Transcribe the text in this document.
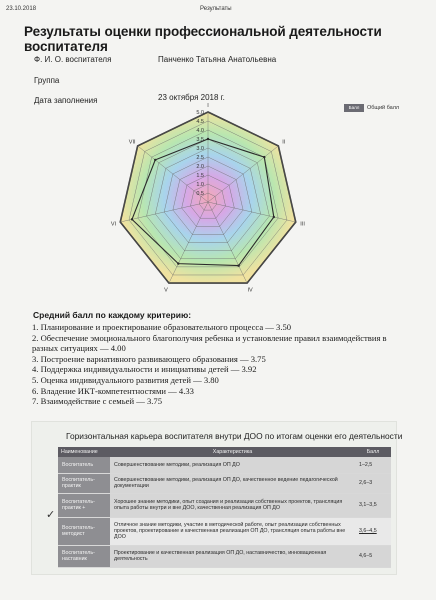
23.10.2018	Результаты
Результаты оценки профессиональной деятельности воспитателя
Ф. И. О. воспитателя	Панченко Татьяна Анатольевна
Группа
Дата заполнения	23 октября 2018 г.
Балл	Общий балл
0.5
1.0
1.5
2.0
2.5
3.0
3.5
4.0
4.5
5.0
I
II
III
IV
V
VI
VII
Средний балл по каждому критерию:
1. Планирование и проектирование образовательного процесса — 3.50
2. Обеспечение эмоционального благополучия ребенка и установление правил взаимодействия в разных ситуациях — 4.00
3. Построение вариативного развивающего образования — 3.75
4. Поддержка индивидуальности и инициативы детей — 3.92
5. Оценка индивидуального развития детей — 3.80
6. Владение ИКТ-компетентностями — 4.33
7. Взаимодействие с семьей — 3.75
Горизонтальная карьера воспитателя внутри ДОО по итогам оценки его деятельности
Наименование	Характеристика	Балл
Воспитатель	Совершенствование методики, реализация ОП ДО	1–2,5
Воспитатель-практик	Совершенствование методики, реализация ОП ДО, качественное ведение педагогической документации	2,6–3
Воспитатель-практик +	Хорошее знание методики, опыт создания и реализации собственных проектов, трансляция опыта работы внутри и вне ДОО, качественная реализация ОП ДО	3,1–3,5
Воспитатель-методист	Отличное знание методики, участие в методической работе, опыт реализации собственных проектов, проектирование и качественная реализация ОП ДО, трансляция опыта работы вне ДОО	3,6–4,5
Воспитатель-наставник	Проектирование и качественная реализация ОП ДО, наставничество, инновационная деятельность	4,6–5
✓
